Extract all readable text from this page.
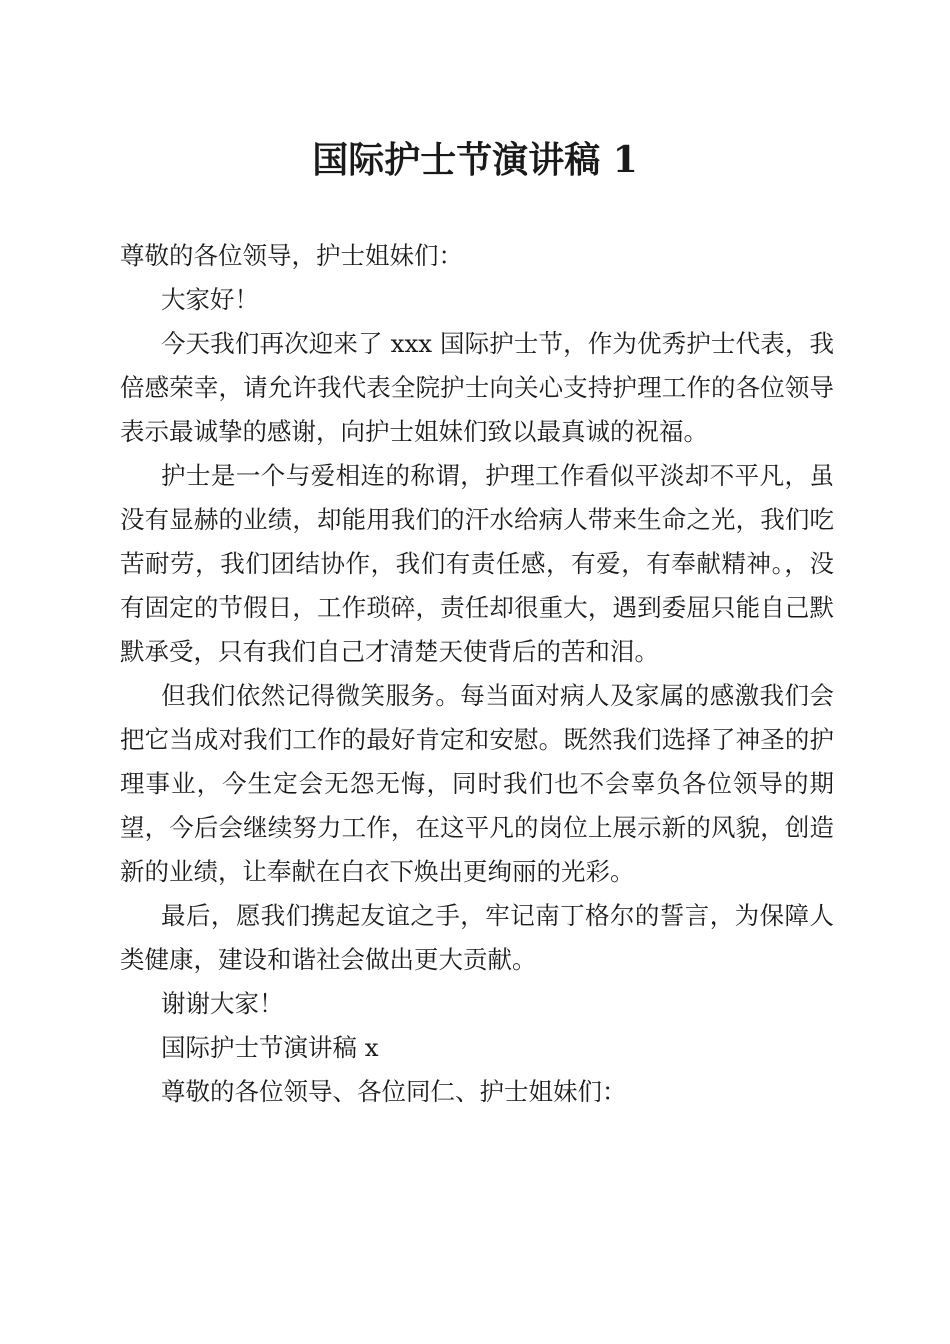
国际护士节演讲稿 1

尊敬的各位领导，护士姐妹们：

大家好！

今天我们再次迎来了 xxx 国际护士节，作为优秀护士代表，我倍感荣幸，请允许我代表全院护士向关心支持护理工作的各位领导表示最诚挚的感谢，向护士姐妹们致以最真诚的祝福。

护士是一个与爱相连的称谓，护理工作看似平淡却不平凡，虽没有显赫的业绩，却能用我们的汗水给病人带来生命之光，我们吃苦耐劳，我们团结协作，我们有责任感，有爱，有奉献精神。，没有固定的节假日，工作琐碎，责任却很重大，遇到委屈只能自己默默承受，只有我们自己才清楚天使背后的苦和泪。

但我们依然记得微笑服务。每当面对病人及家属的感激我们会把它当成对我们工作的最好肯定和安慰。既然我们选择了神圣的护理事业，今生定会无怨无悔，同时我们也不会辜负各位领导的期望，今后会继续努力工作，在这平凡的岗位上展示新的风貌，创造新的业绩，让奉献在白衣下焕出更绚丽的光彩。

最后，愿我们携起友谊之手，牢记南丁格尔的誓言，为保障人类健康，建设和谐社会做出更大贡献。

谢谢大家！

国际护士节演讲稿 x

尊敬的各位领导、各位同仁、护士姐妹们：
